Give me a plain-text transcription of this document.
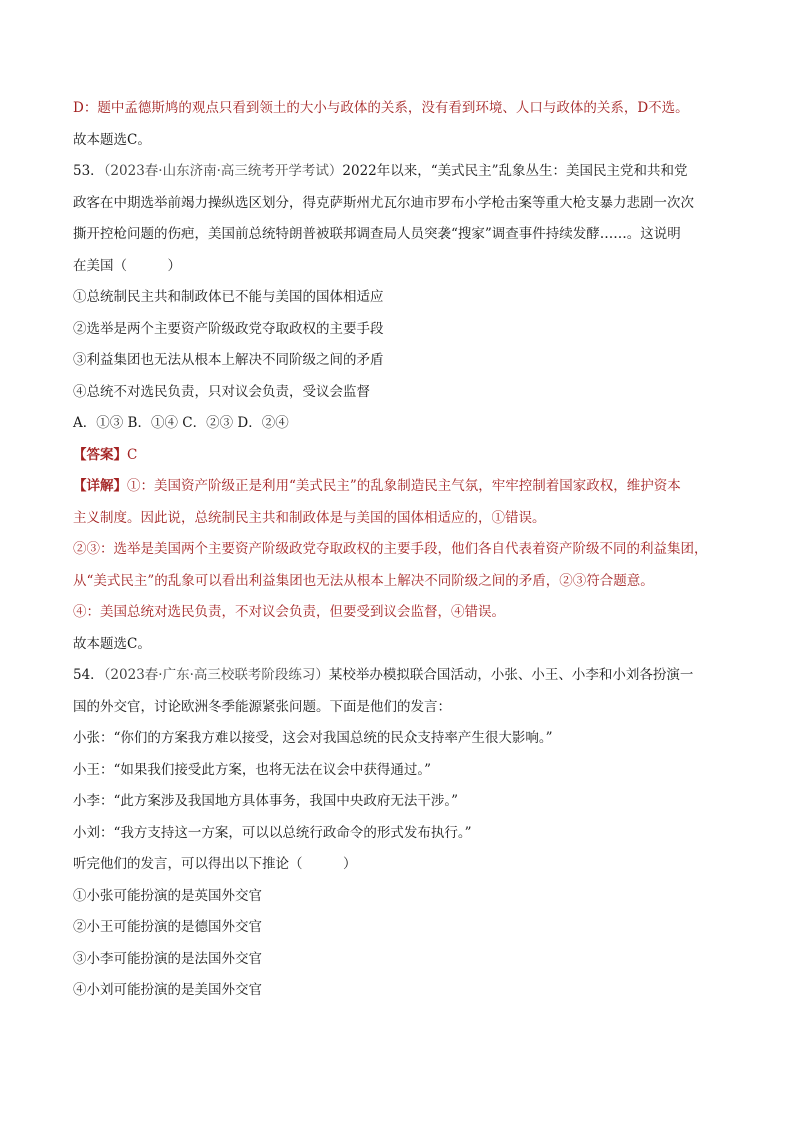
D：题中孟德斯鸠的观点只看到领土的大小与政体的关系，没有看到环境、人口与政体的关系，D不选。
故本题选C。
53．（2023春·山东济南·高三统考开学考试）2022年以来，“美式民主”乱象丛生：美国民主党和共和党
政客在中期选举前竭力操纵选区划分，得克萨斯州尤瓦尔迪市罗布小学枪击案等重大枪支暴力悲剧一次次
撕开控枪问题的伤疤，美国前总统特朗普被联邦调查局人员突袭“搜家”调查事件持续发酵……。这说明
在美国（　　　）
①总统制民主共和制政体已不能与美国的国体相适应
②选举是两个主要资产阶级政党夺取政权的主要手段
③利益集团也无法从根本上解决不同阶级之间的矛盾
④总统不对选民负责，只对议会负责，受议会监督
A．①③ B．①④ C．②③ D．②④
【答案】C
【详解】①：美国资产阶级正是利用“美式民主”的乱象制造民主气氛，牢牢控制着国家政权，维护资本
主义制度。因此说，总统制民主共和制政体是与美国的国体相适应的，①错误。
②③：选举是美国两个主要资产阶级政党夺取政权的主要手段，他们各自代表着资产阶级不同的利益集团，
从“美式民主”的乱象可以看出利益集团也无法从根本上解决不同阶级之间的矛盾，②③符合题意。
④：美国总统对选民负责，不对议会负责，但要受到议会监督，④错误。
故本题选C。
54．（2023春·广东·高三校联考阶段练习）某校举办模拟联合国活动，小张、小王、小李和小刘各扮演一
国的外交官，讨论欧洲冬季能源紧张问题。下面是他们的发言：
小张：“你们的方案我方难以接受，这会对我国总统的民众支持率产生很大影响。”
小王：“如果我们接受此方案，也将无法在议会中获得通过。”
小李：“此方案涉及我国地方具体事务，我国中央政府无法干涉。”
小刘：“我方支持这一方案，可以以总统行政命令的形式发布执行。”
听完他们的发言，可以得出以下推论（　　　）
①小张可能扮演的是英国外交官
②小王可能扮演的是德国外交官
③小李可能扮演的是法国外交官
④小刘可能扮演的是美国外交官
